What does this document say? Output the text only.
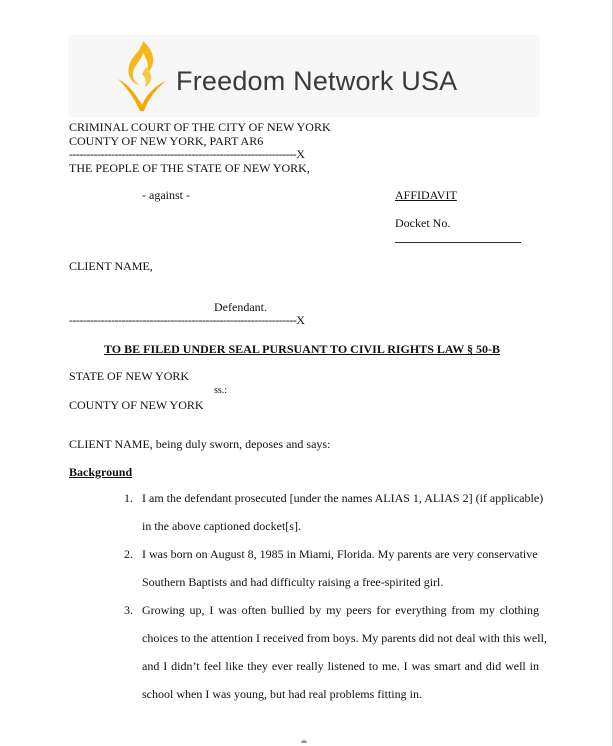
Freedom Network USA
CRIMINAL COURT OF THE CITY OF NEW YORK
COUNTY OF NEW YORK, PART AR6
-----------------------------------------------------------------X
THE PEOPLE OF THE STATE OF NEW YORK,
- against -	AFFIDAVIT
Docket No.
CLIENT NAME,
Defendant.
-----------------------------------------------------------------X
TO BE FILED UNDER SEAL PURSUANT TO CIVIL RIGHTS LAW § 50-B
STATE OF NEW YORK
ss.:
COUNTY OF NEW YORK
CLIENT NAME, being duly sworn, deposes and says:
Background
1. I am the defendant prosecuted [under the names ALIAS 1, ALIAS 2] (if applicable)
in the above captioned docket[s].
2. I was born on August 8, 1985 in Miami, Florida. My parents are very conservative
Southern Baptists and had difficulty raising a free-spirited girl.
3. Growing up, I was often bullied by my peers for everything from my clothing
choices to the attention I received from boys. My parents did not deal with this well,
and I didn’t feel like they ever really listened to me. I was smart and did well in
school when I was young, but had real problems fitting in.
